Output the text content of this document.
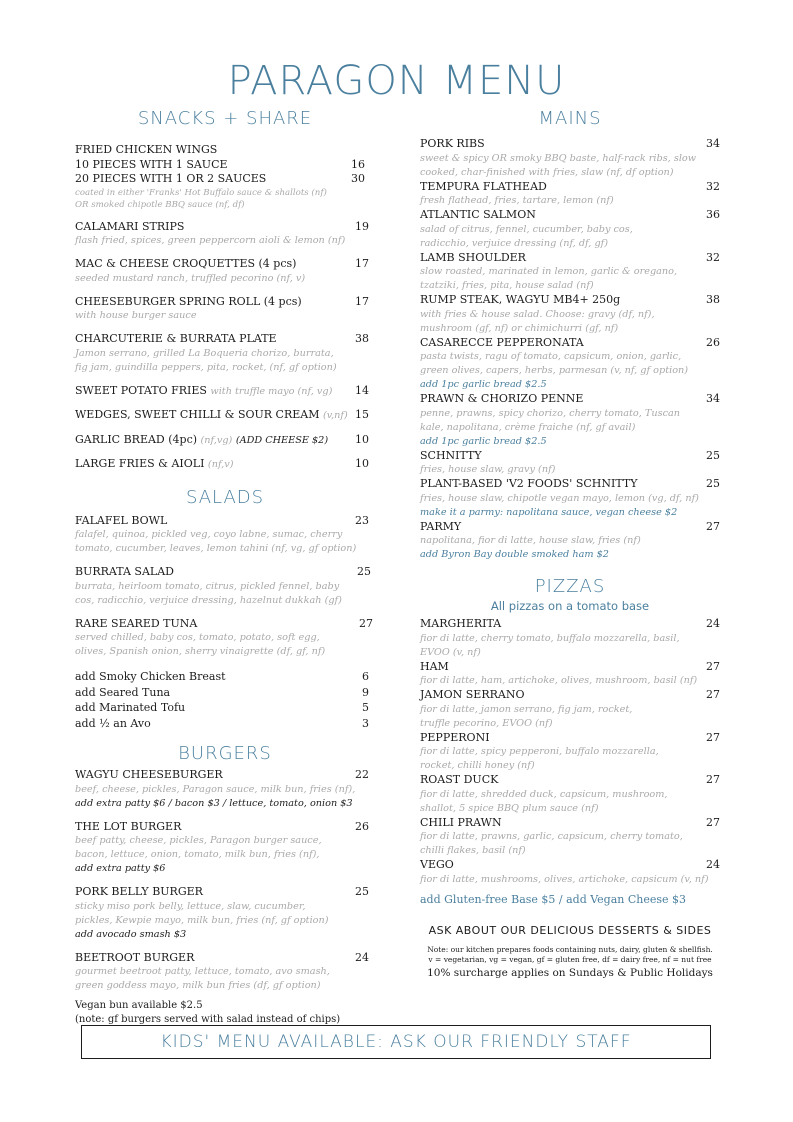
PARAGON MENU
SNACKS + SHARE
FRIED CHICKEN WINGS
10 PIECES WITH 1 SAUCE	16
20 PIECES WITH 1 OR 2 SAUCES	30
coated in either 'Franks' Hot Buffalo sauce & shallots (nf)
OR smoked chipotle BBQ sauce (nf, df)
CALAMARI STRIPS	19
flash fried, spices, green peppercorn aioli & lemon (nf)
MAC & CHEESE CROQUETTES (4 pcs)	17
seeded mustard ranch, truffled pecorino (nf, v)
CHEESEBURGER SPRING ROLL (4 pcs)	17
with house burger sauce
CHARCUTERIE & BURRATA PLATE	38
Jamon serrano, grilled La Boqueria chorizo, burrata,
fig jam, guindilla peppers, pita, rocket, (nf, gf option)
SWEET POTATO FRIES with truffle mayo (nf, vg) 14
WEDGES, SWEET CHILLI & SOUR CREAM (v,nf) 15
GARLIC BREAD (4pc) (nf,vg) (ADD CHEESE $2) 10
LARGE FRIES & AIOLI (nf,v)	10
SALADS
FALAFEL BOWL	23
falafel, quinoa, pickled veg, coyo labne, sumac, cherry
tomato, cucumber, leaves, lemon tahini (nf, vg, gf option)
BURRATA SALAD	25
burrata, heirloom tomato, citrus, pickled fennel, baby
cos, radicchio, verjuice dressing, hazelnut dukkah (gf)
RARE SEARED TUNA	27
served chilled, baby cos, tomato, potato, soft egg,
olives, Spanish onion, sherry vinaigrette (df, gf, nf)
add Smoky Chicken Breast	6
add Seared Tuna	9
add Marinated Tofu	5
add ½ an Avo	3
BURGERS
WAGYU CHEESEBURGER	22
beef, cheese, pickles, Paragon sauce, milk bun, fries (nf),
add extra patty $6 / bacon $3 / lettuce, tomato, onion $3
THE LOT BURGER	26
beef patty, cheese, pickles, Paragon burger sauce,
bacon, lettuce, onion, tomato, milk bun, fries (nf),
add extra patty $6
PORK BELLY BURGER	25
sticky miso pork belly, lettuce, slaw, cucumber,
pickles, Kewpie mayo, milk bun, fries (nf, gf option)
add avocado smash $3
BEETROOT BURGER	24
gourmet beetroot patty, lettuce, tomato, avo smash,
green goddess mayo, milk bun fries (df, gf option)
Vegan bun available $2.5
(note: gf burgers served with salad instead of chips)
MAINS
PORK RIBS	34
sweet & spicy OR smoky BBQ baste, half-rack ribs, slow
cooked, char-finished with fries, slaw (nf, df option)
TEMPURA FLATHEAD	32
fresh flathead, fries, tartare, lemon (nf)
ATLANTIC SALMON	36
salad of citrus, fennel, cucumber, baby cos,
radicchio, verjuice dressing (nf, df, gf)
LAMB SHOULDER	32
slow roasted, marinated in lemon, garlic & oregano,
tzatziki, fries, pita, house salad (nf)
RUMP STEAK, WAGYU MB4+ 250g	38
with fries & house salad. Choose: gravy (df, nf),
mushroom (gf, nf) or chimichurri (gf, nf)
CASARECCE PEPPERONATA	26
pasta twists, ragu of tomato, capsicum, onion, garlic,
green olives, capers, herbs, parmesan (v, nf, gf option)
add 1pc garlic bread $2.5
PRAWN & CHORIZO PENNE	34
penne, prawns, spicy chorizo, cherry tomato, Tuscan
kale, napolitana, crème fraiche (nf, gf avail)
add 1pc garlic bread $2.5
SCHNITTY	25
fries, house slaw, gravy (nf)
PLANT-BASED 'V2 FOODS' SCHNITTY	25
fries, house slaw, chipotle vegan mayo, lemon (vg, df, nf)
make it a parmy: napolitana sauce, vegan cheese $2
PARMY	27
napolitana, fior di latte, house slaw, fries (nf)
add Byron Bay double smoked ham $2
PIZZAS
All pizzas on a tomato base
MARGHERITA	24
fior di latte, cherry tomato, buffalo mozzarella, basil,
EVOO (v, nf)
HAM	27
fior di latte, ham, artichoke, olives, mushroom, basil (nf)
JAMON SERRANO	27
fior di latte, jamon serrano, fig jam, rocket,
truffle pecorino, EVOO (nf)
PEPPERONI	27
fior di latte, spicy pepperoni, buffalo mozzarella,
rocket, chilli honey (nf)
ROAST DUCK	27
fior di latte, shredded duck, capsicum, mushroom,
shallot, 5 spice BBQ plum sauce (nf)
CHILI PRAWN	27
fior di latte, prawns, garlic, capsicum, cherry tomato,
chilli flakes, basil (nf)
VEGO	24
fior di latte, mushrooms, olives, artichoke, capsicum (v, nf)
add Gluten-free Base $5 / add Vegan Cheese $3
ASK ABOUT OUR DELICIOUS DESSERTS & SIDES
Note: our kitchen prepares foods containing nuts, dairy, gluten & shellfish.
v = vegetarian, vg = vegan, gf = gluten free, df = dairy free, nf = nut free
10% surcharge applies on Sundays & Public Holidays
KIDS' MENU AVAILABLE: ASK OUR FRIENDLY STAFF
